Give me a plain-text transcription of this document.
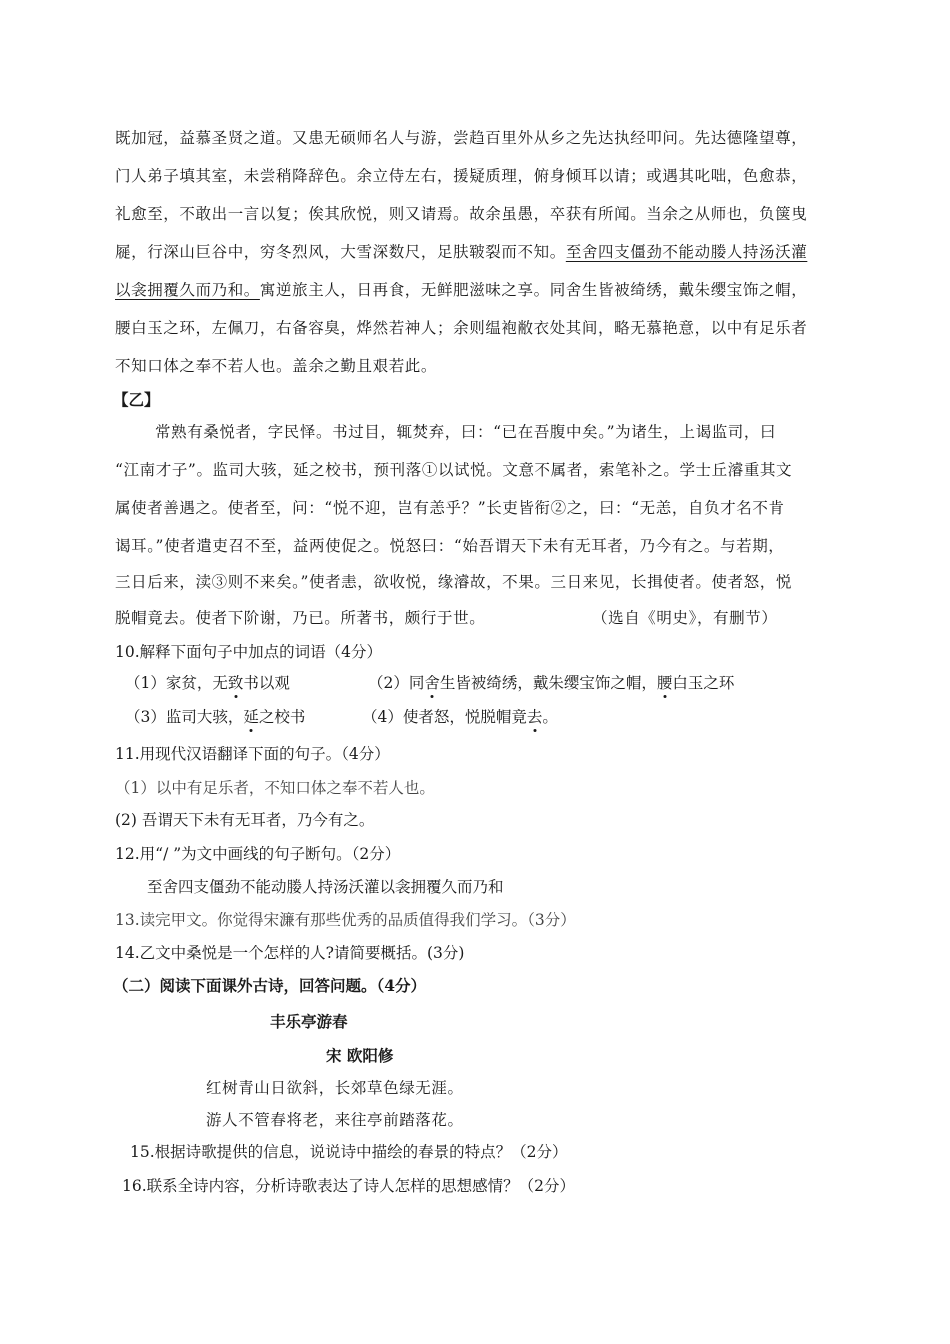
既加冠，益慕圣贤之道。又患无硕师名人与游，尝趋百里外从乡之先达执经叩问。先达德隆望尊，
门人弟子填其室，未尝稍降辞色。余立侍左右，援疑质理，俯身倾耳以请；或遇其叱咄，色愈恭，
礼愈至，不敢出一言以复；俟其欣悦，则又请焉。故余虽愚，卒获有所闻。当余之从师也，负箧曳
屣，行深山巨谷中，穷冬烈风，大雪深数尺，足肤皲裂而不知。至舍四支僵劲不能动媵人持汤沃灌
以衾拥覆久而乃和。寓逆旅主人，日再食，无鲜肥滋味之享。同舍生皆被绮绣，戴朱缨宝饰之帽，
腰白玉之环，左佩刀，右备容臭，烨然若神人；余则缊袍敝衣处其间，略无慕艳意，以中有足乐者
不知口体之奉不若人也。盖余之勤且艰若此。
【乙】
常熟有桑悦者，字民怿。书过目，辄焚弃，曰：“已在吾腹中矣。”为诸生，上谒监司，曰
“江南才子”。监司大骇，延之校书，预刊落①以试悦。文意不属者，索笔补之。学士丘濬重其文
属使者善遇之。使者至，问：“悦不迎，岂有恙乎？”长吏皆衔②之，曰：“无恙，自负才名不肯
谒耳。”使者遣吏召不至，益两使促之。悦怒曰：“始吾谓天下未有无耳者，乃今有之。与若期，
三日后来，渎③则不来矣。”使者恚，欲收悦，缘濬故，不果。三日来见，长揖使者。使者怒，悦
脱帽竟去。使者下阶谢，乃已。所著书，颇行于世。	（选自《明史》，有删节）
10.解释下面句子中加点的词语（4分）
（1）家贫，无致书以观	（2）同舍生皆被绮绣，戴朱缨宝饰之帽，腰白玉之环
（3）监司大骇，延之校书	（4）使者怒，悦脱帽竟去。
11.用现代汉语翻译下面的句子。（4分）
（1）以中有足乐者，不知口体之奉不若人也。
(2) 吾谓天下未有无耳者，乃今有之。
12.用“/ ”为文中画线的句子断句。（2分）
至舍四支僵劲不能动媵人持汤沃灌以衾拥覆久而乃和
13.读完甲文。你觉得宋濂有那些优秀的品质值得我们学习。（3分）
14.乙文中桑悦是一个怎样的人?请简要概括。(3分)
（二）阅读下面课外古诗，回答问题。（4分）
丰乐亭游春
宋 欧阳修
红树青山日欲斜，长郊草色绿无涯。
游人不管春将老，来往亭前踏落花。
15.根据诗歌提供的信息，说说诗中描绘的春景的特点？（2分）
16.联系全诗内容，分析诗歌表达了诗人怎样的思想感情？（2分）
